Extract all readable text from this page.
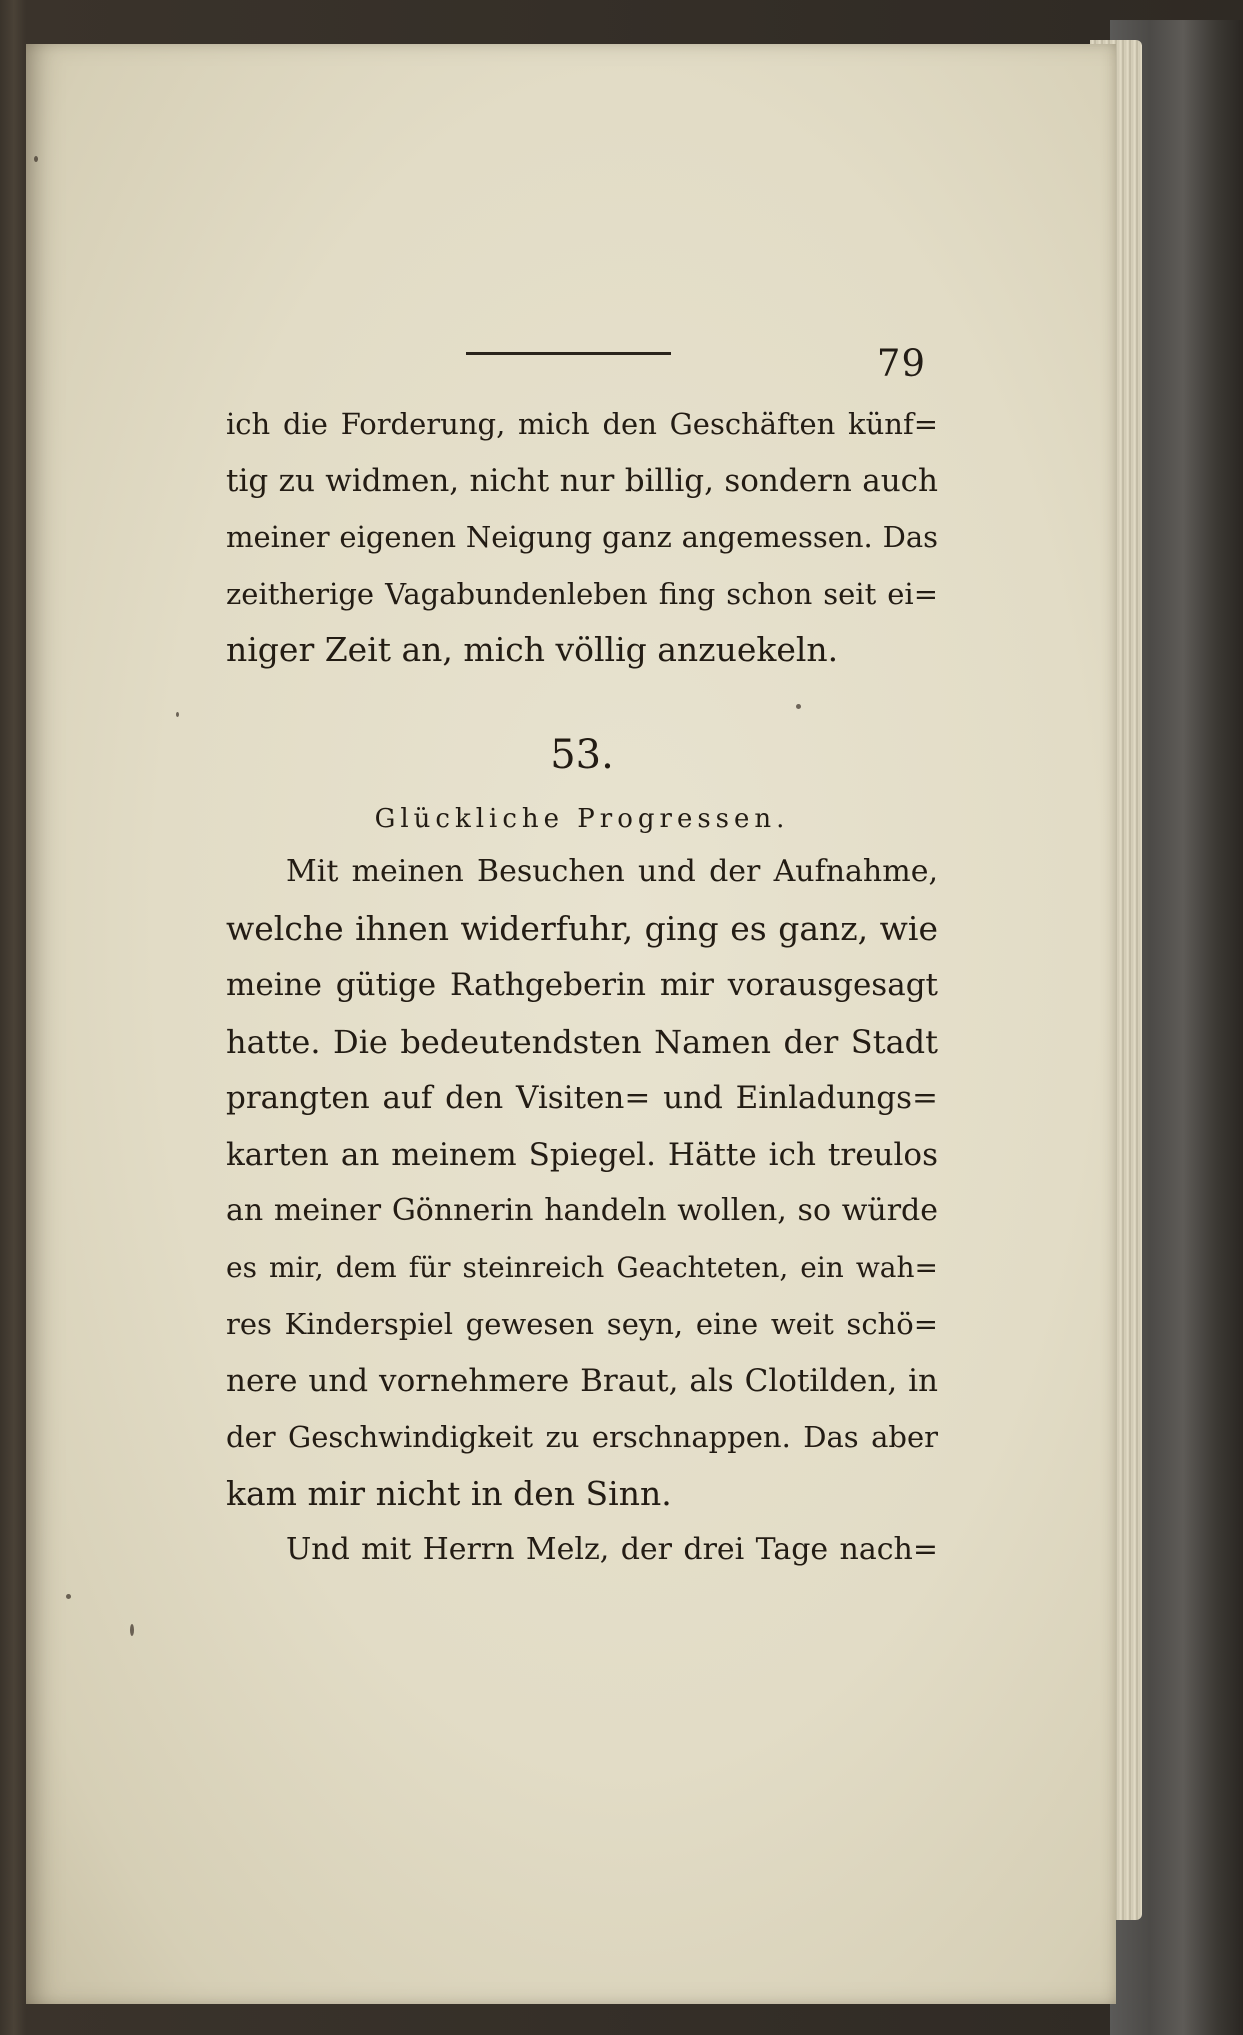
79
ich die Forderung, mich den Geschäften künf=
tig zu widmen, nicht nur billig, sondern auch
meiner eigenen Neigung ganz angemessen. Das
zeitherige Vagabundenleben fing schon seit ei=
niger Zeit an, mich völlig anzuekeln.
53.
Glückliche Progressen.
Mit meinen Besuchen und der Aufnahme,
welche ihnen widerfuhr, ging es ganz, wie
meine gütige Rathgeberin mir vorausgesagt
hatte. Die bedeutendsten Namen der Stadt
prangten auf den Visiten= und Einladungs=
karten an meinem Spiegel. Hätte ich treulos
an meiner Gönnerin handeln wollen, so würde
es mir, dem für steinreich Geachteten, ein wah=
res Kinderspiel gewesen seyn, eine weit schö=
nere und vornehmere Braut, als Clotilden, in
der Geschwindigkeit zu erschnappen. Das aber
kam mir nicht in den Sinn.
Und mit Herrn Melz, der drei Tage nach=
